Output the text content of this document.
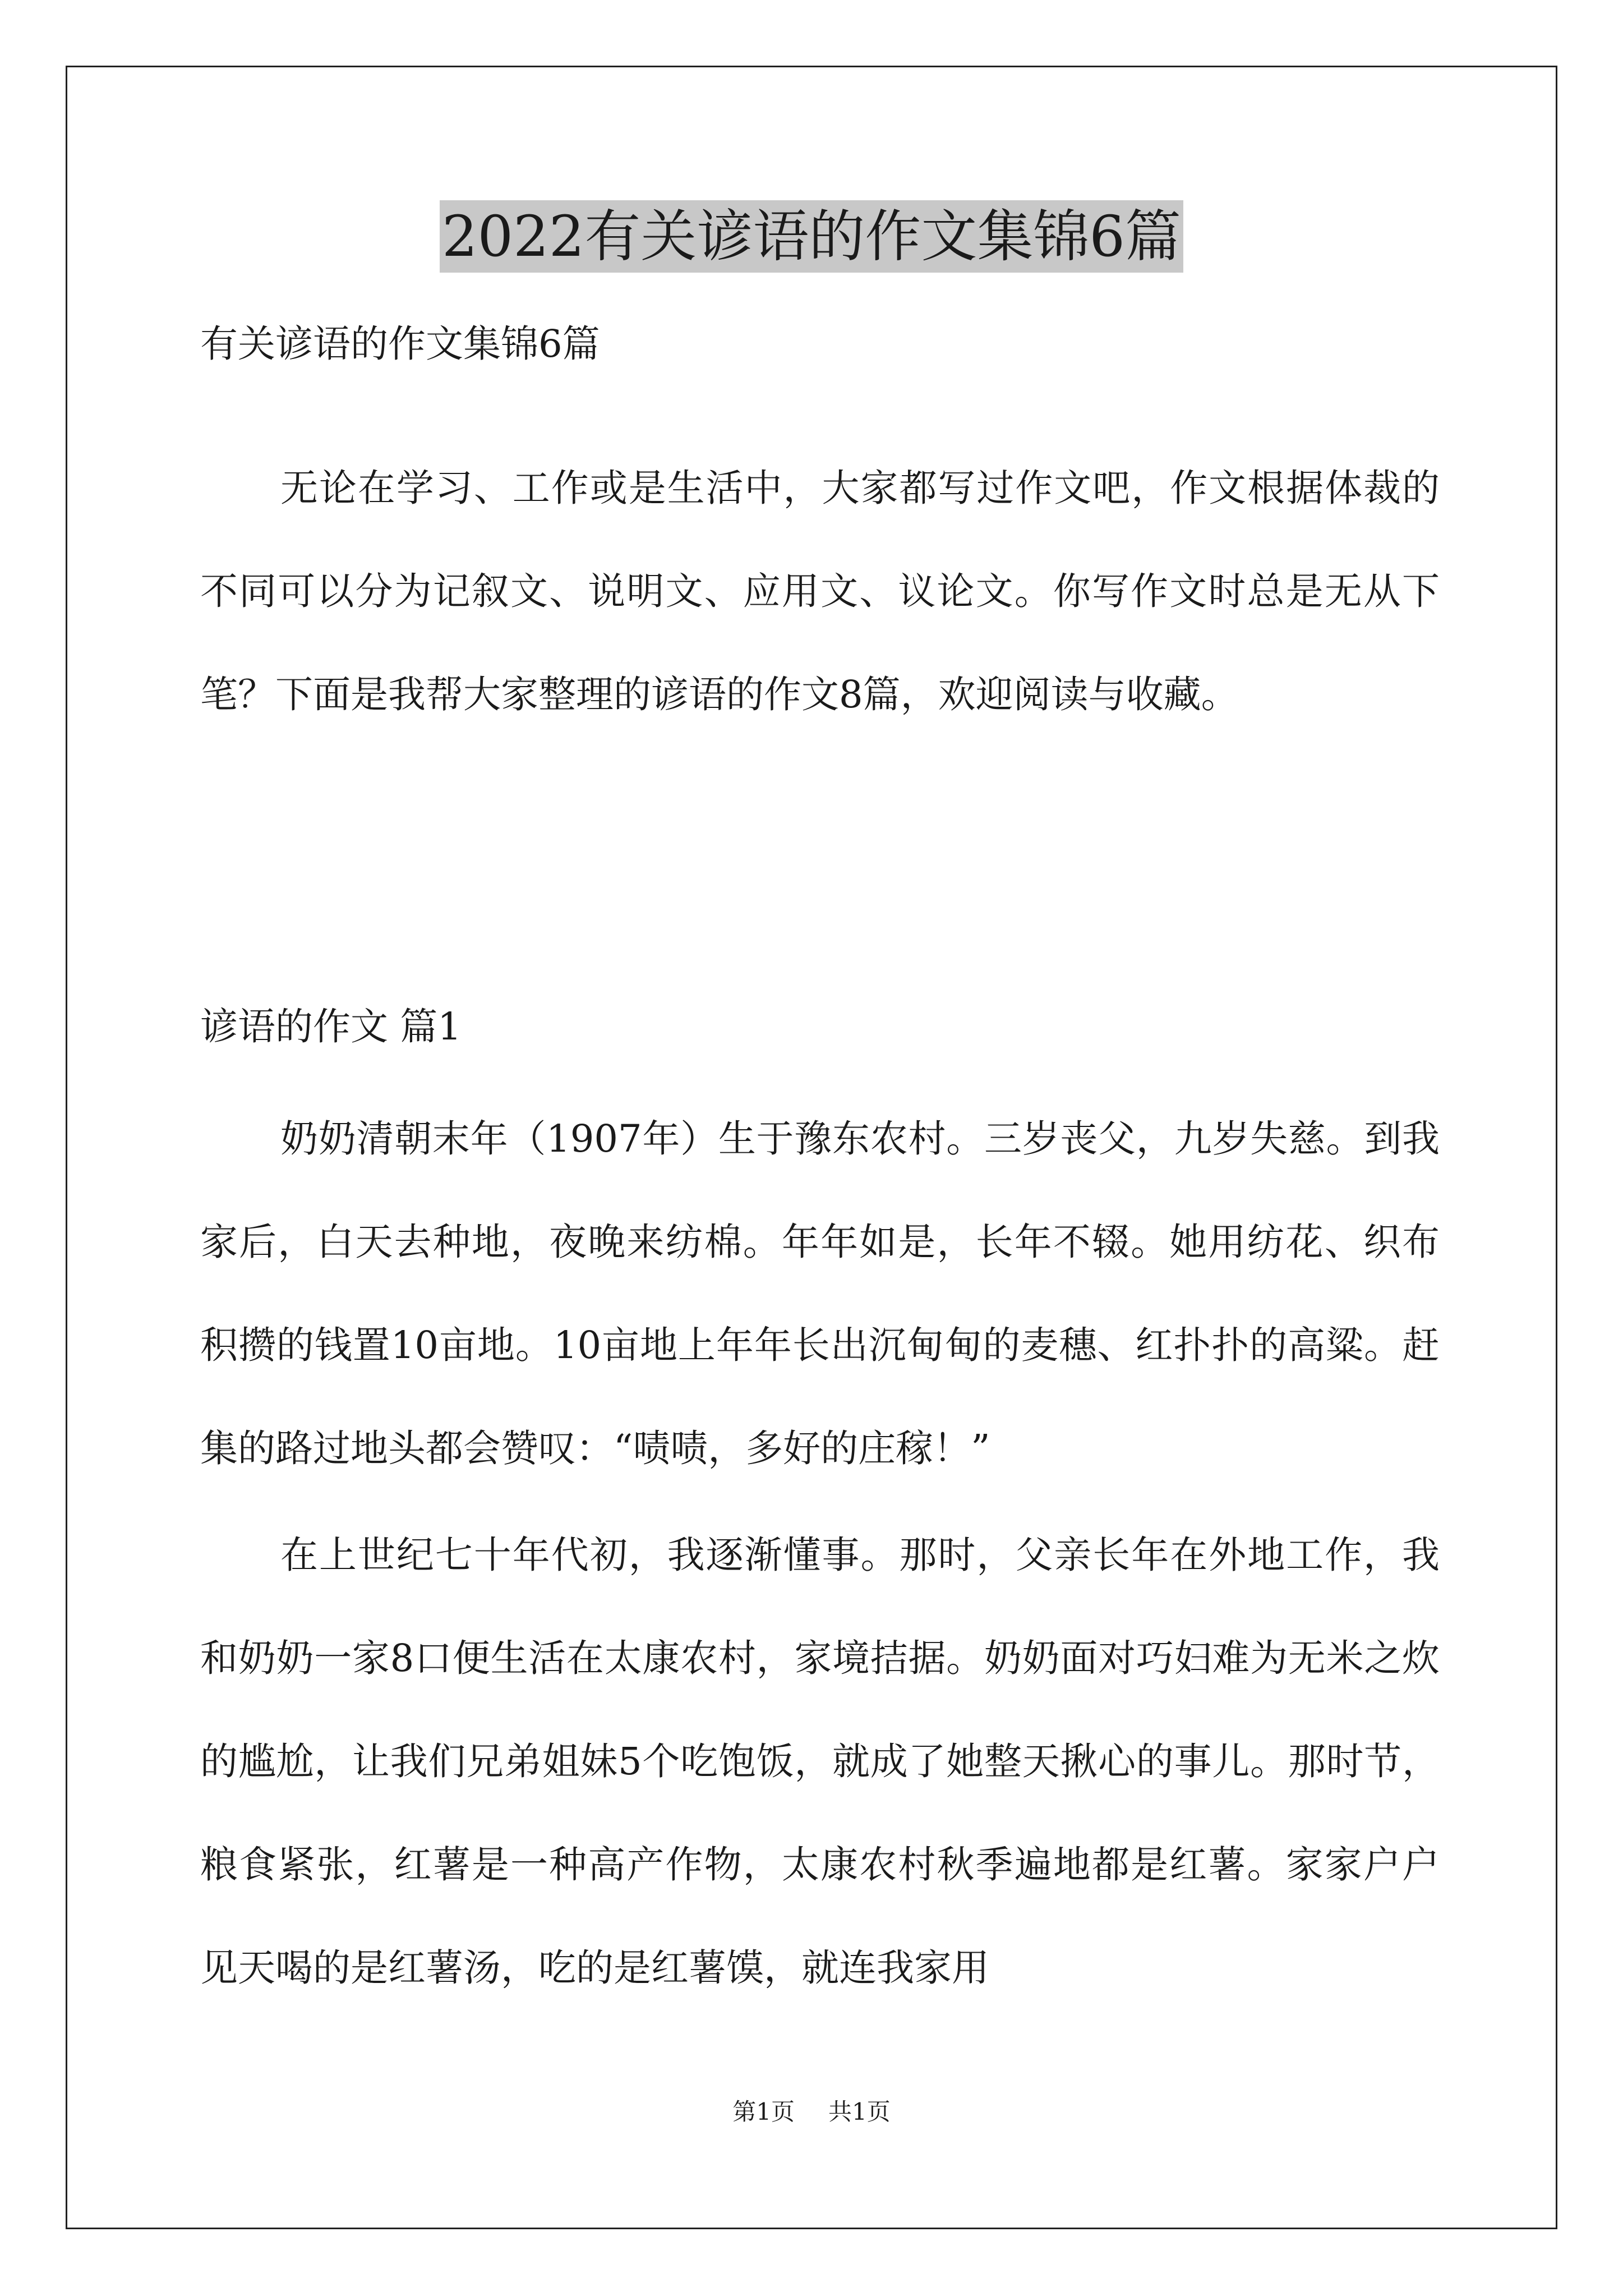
2022有关谚语的作文集锦6篇

有关谚语的作文集锦6篇

无论在学习、工作或是生活中，大家都写过作文吧，作文根据体裁的不同可以分为记叙文、说明文、应用文、议论文。你写作文时总是无从下笔？下面是我帮大家整理的谚语的作文8篇，欢迎阅读与收藏。

谚语的作文 篇1

奶奶清朝末年（1907年）生于豫东农村。三岁丧父，九岁失慈。到我家后，白天去种地，夜晚来纺棉。年年如是，长年不辍。她用纺花、织布积攒的钱置10亩地。10亩地上年年长出沉甸甸的麦穗、红扑扑的高粱。赶集的路过地头都会赞叹：“啧啧，多好的庄稼！”

在上世纪七十年代初，我逐渐懂事。那时，父亲长年在外地工作，我和奶奶一家8口便生活在太康农村，家境拮据。奶奶面对巧妇难为无米之炊的尴尬，让我们兄弟姐妹5个吃饱饭，就成了她整天揪心的事儿。那时节，粮食紧张，红薯是一种高产作物，太康农村秋季遍地都是红薯。家家户户见天喝的是红薯汤，吃的是红薯馍，就连我家用

第1页 共1页
